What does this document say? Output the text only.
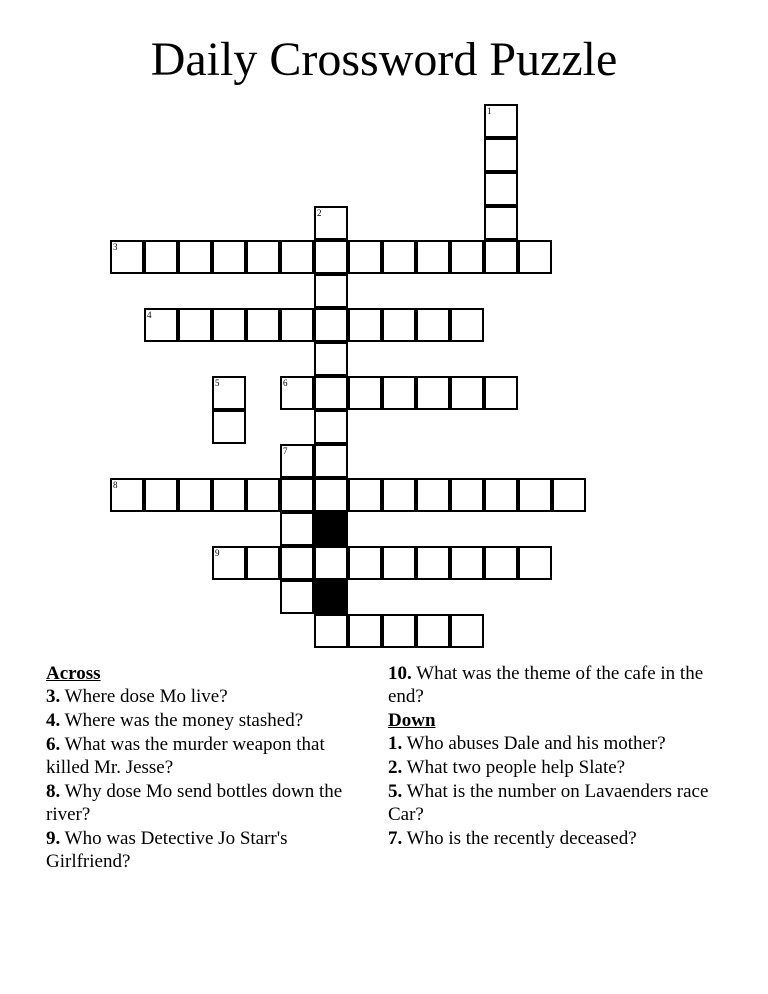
Daily Crossword Puzzle
1
2
3
4
5	6
7
8
9
Across
3. Where dose Mo live?
4. Where was the money stashed?
6. What was the murder weapon that killed Mr. Jesse?
8. Why dose Mo send bottles down the river?
9. Who was Detective Jo Starr's Girlfriend?
10. What was the theme of the cafe in the end?
Down
1. Who abuses Dale and his mother?
2. What two people help Slate?
5. What is the number on Lavaenders race Car?
7. Who is the recently deceased?
